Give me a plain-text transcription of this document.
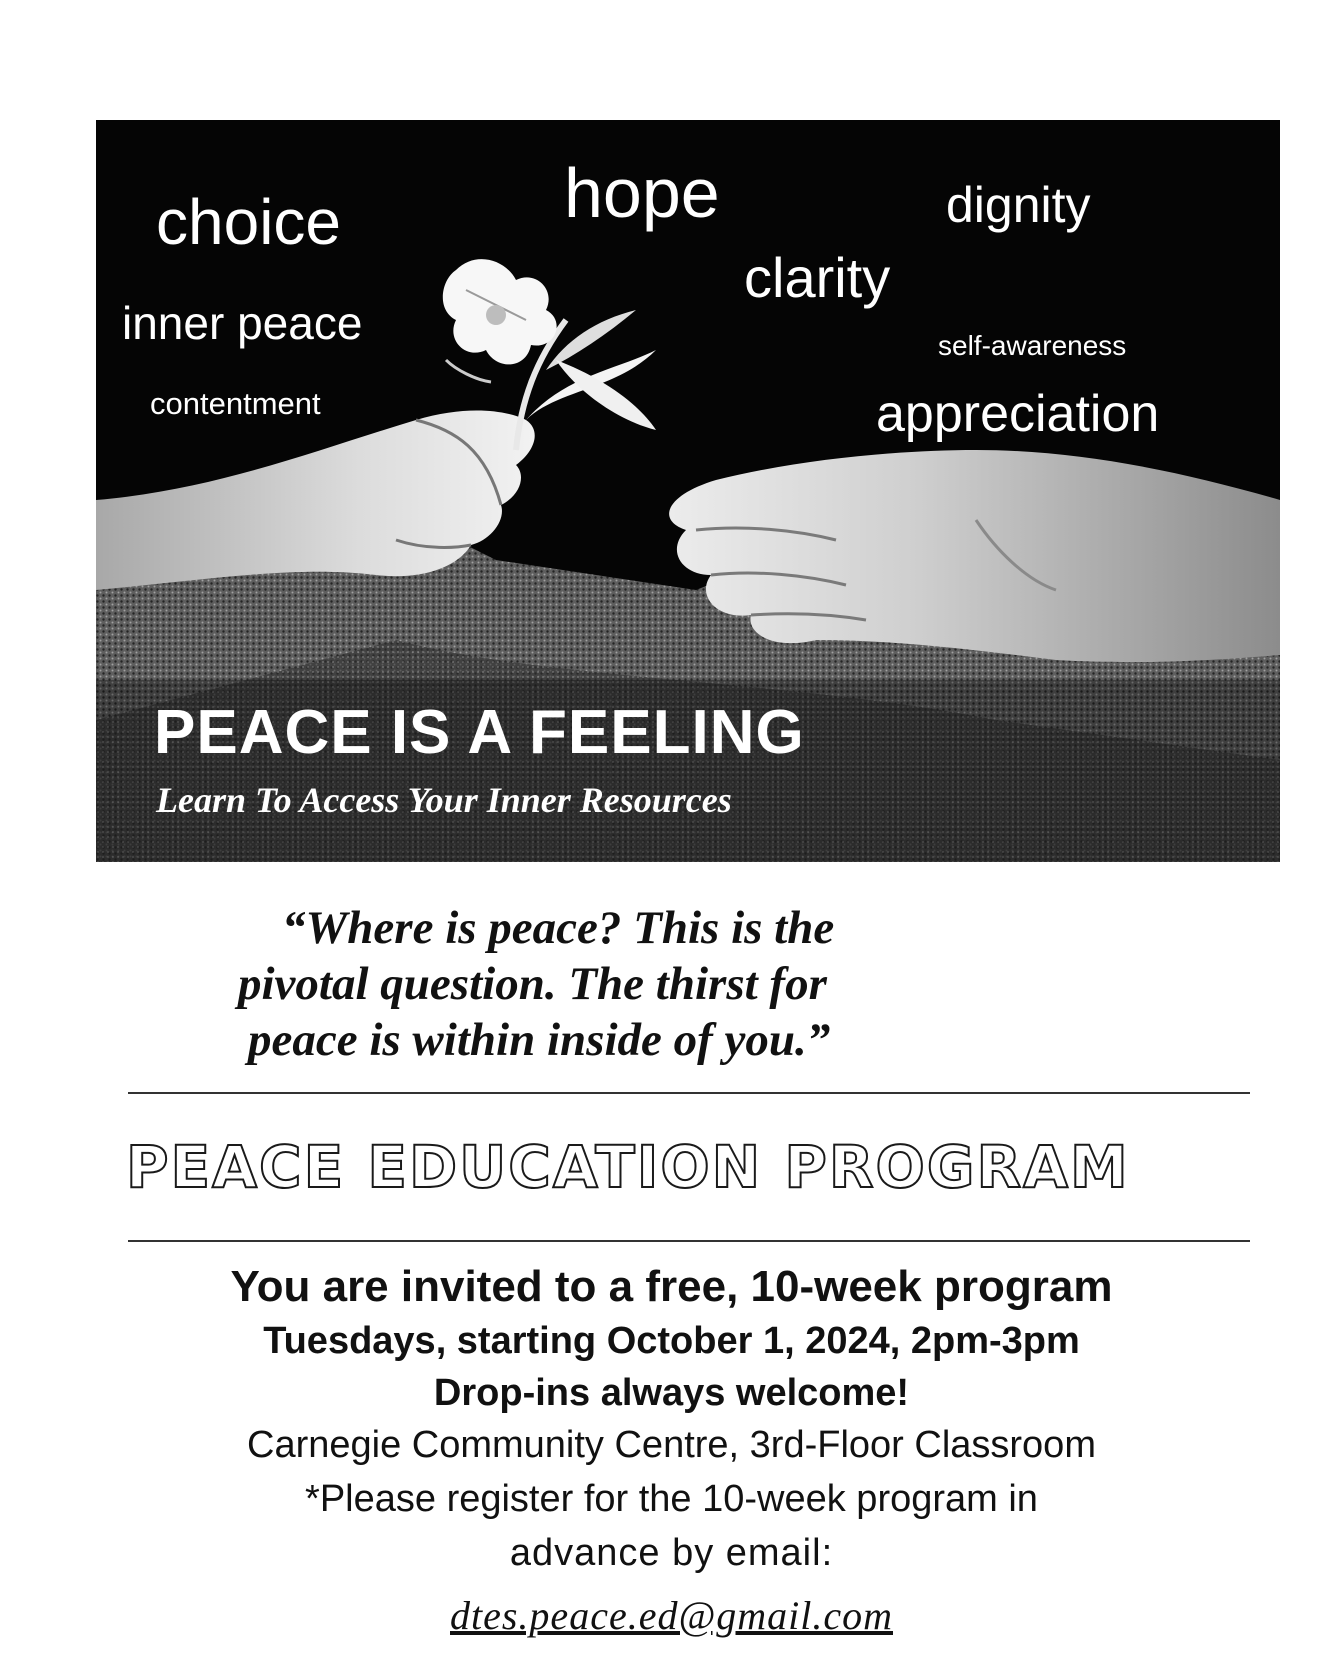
choice	hope	dignity
clarity
inner peace	self-awareness
contentment	appreciation
PEACE IS A FEELING
Learn To Access Your Inner Resources
“Where is peace? This is the
pivotal question. The thirst for
peace is within inside of you.”
PEACE EDUCATION PROGRAM
You are invited to a free, 10-week program
Tuesdays, starting October 1, 2024, 2pm-3pm
Drop-ins always welcome!
Carnegie Community Centre, 3rd-Floor Classroom
*Please register for the 10-week program in
advance by email:
dtes.peace.ed@gmail.com
